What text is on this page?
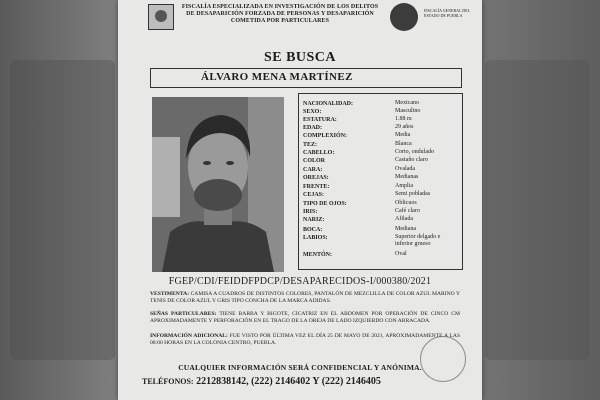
FISCALÍA ESPECIALIZADA EN INVESTIGACIÓN DE LOS DELITOS DE DESAPARICIÓN FORZADA DE PERSONAS Y DESAPARICIÓN COMETIDA POR PARTICULARES
FISCALÍA GENERAL DEL ESTADO DE PUEBLA
SE BUSCA
ÁLVARO MENA MARTÍNEZ
NACIONALIDAD:	Mexicano
SEXO:	Masculino
ESTATURA:	1.88 m
EDAD:	29 años
COMPLEXIÓN:	Media
TEZ:	Blanca
CABELLO:	Corto, ondulado
COLOR	Castaño claro
CARA:	Ovalada
OREJAS:	Medianas
FRENTE:	Amplia
CEJAS:	Semi pobladas
TIPO DE OJOS:	Oblicuos
IRIS:	Café claro
NARIZ:	Afilada
BOCA:	Mediana
LABIOS:	Superior delgado e inferior grueso
MENTÓN:	Oval
FGEP/CDI/FEIDDFPDCP/DESAPARECIDOS-I/000380/2021
VESTIMENTA: CAMISA A CUADROS DE DISTINTOS COLORES, PANTALÓN DE MEZCLILLA DE COLOR AZUL MARINO Y TENIS DE COLOR AZUL Y GRIS TIPO CONCHA DE LA MARCA ADIDAS.
SEÑAS PARTICULARES: TIENE BARBA Y BIGOTE, CICATRIZ EN EL ABDOMEN POR OPERACIÓN DE CINCO CM APROXIMADAMENTE Y PERFORACIÓN EN EL TRAGO DE LA OREJA DE LADO IZQUIERDO CON ARRACADA.
INFORMACIÓN ADICIONAL: FUE VISTO POR ÚLTIMA VEZ EL DÍA 25 DE MAYO DE 2021, APROXIMADAMENTE A LAS 08:00 HORAS EN LA COLONIA CENTRO, PUEBLA.
CUALQUIER INFORMACIÓN SERÁ CONFIDENCIAL Y ANÓNIMA.
TELÉFONOS: 2212838142, (222) 2146402 Y (222) 2146405
